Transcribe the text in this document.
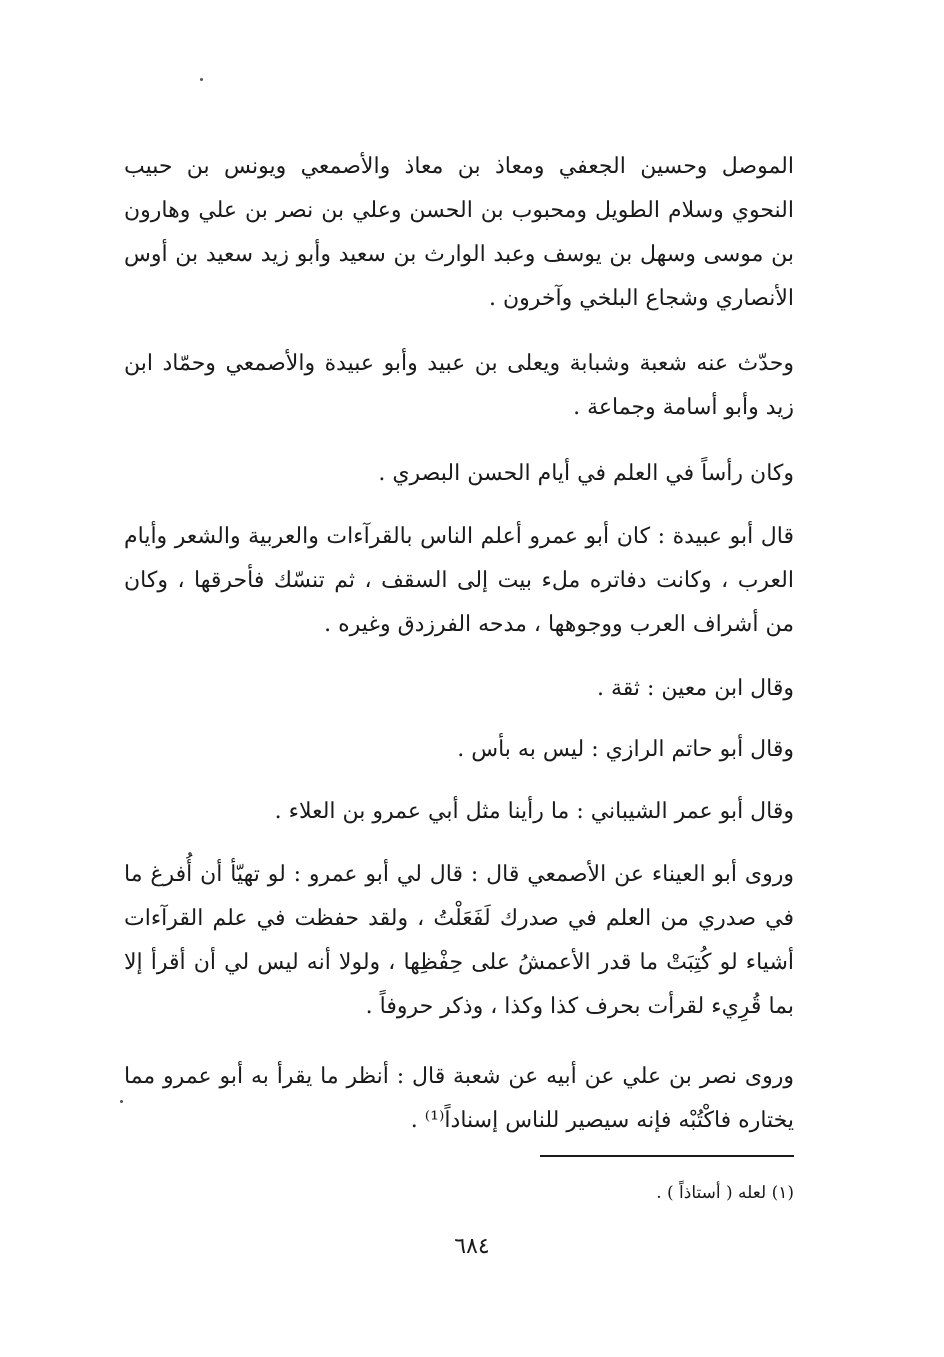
الموصل وحسين الجعفي ومعاذ بن معاذ والأصمعي ويونس بن حبيب النحوي وسلام الطويل ومحبوب بن الحسن وعلي بن نصر بن علي وهارون بن موسى وسهل بن يوسف وعبد الوارث بن سعيد وأبو زيد سعيد بن أوس الأنصاري وشجاع البلخي وآخرون .

وحدّث عنه شعبة وشبابة ويعلى بن عبيد وأبو عبيدة والأصمعي وحمّاد ابن زيد وأبو أسامة وجماعة .

وكان رأساً في العلم في أيام الحسن البصري .

قال أبو عبيدة : كان أبو عمرو أعلم الناس بالقرآءات والعربية والشعر وأيام العرب ، وكانت دفاتره ملء بيت إلى السقف ، ثم تنسّك فأحرقها ، وكان من أشراف العرب ووجوهها ، مدحه الفرزدق وغيره .

وقال ابن معين : ثقة .

وقال أبو حاتم الرازي : ليس به بأس .

وقال أبو عمر الشيباني : ما رأينا مثل أبي عمرو بن العلاء .

وروى أبو العيناء عن الأصمعي قال : قال لي أبو عمرو : لو تهيّأ أن أُفرغ ما في صدري من العلم في صدرك لَفَعَلْتُ ، ولقد حفظت في علم القرآءات أشياء لو كُتِبَتْ ما قدر الأعمشُ على حِفْظِها ، ولولا أنه ليس لي أن أقرأ إلا بما قُرِيء لقرأت بحرف كذا وكذا ، وذكر حروفاً .

وروى نصر بن علي عن أبيه عن شعبة قال : أنظر ما يقرأ به أبو عمرو مما يختاره فاكْتُبْه فإنه سيصير للناس إسناداً⁽¹⁾ .

(١) لعله ( أستاذاً ) .

٦٨٤
